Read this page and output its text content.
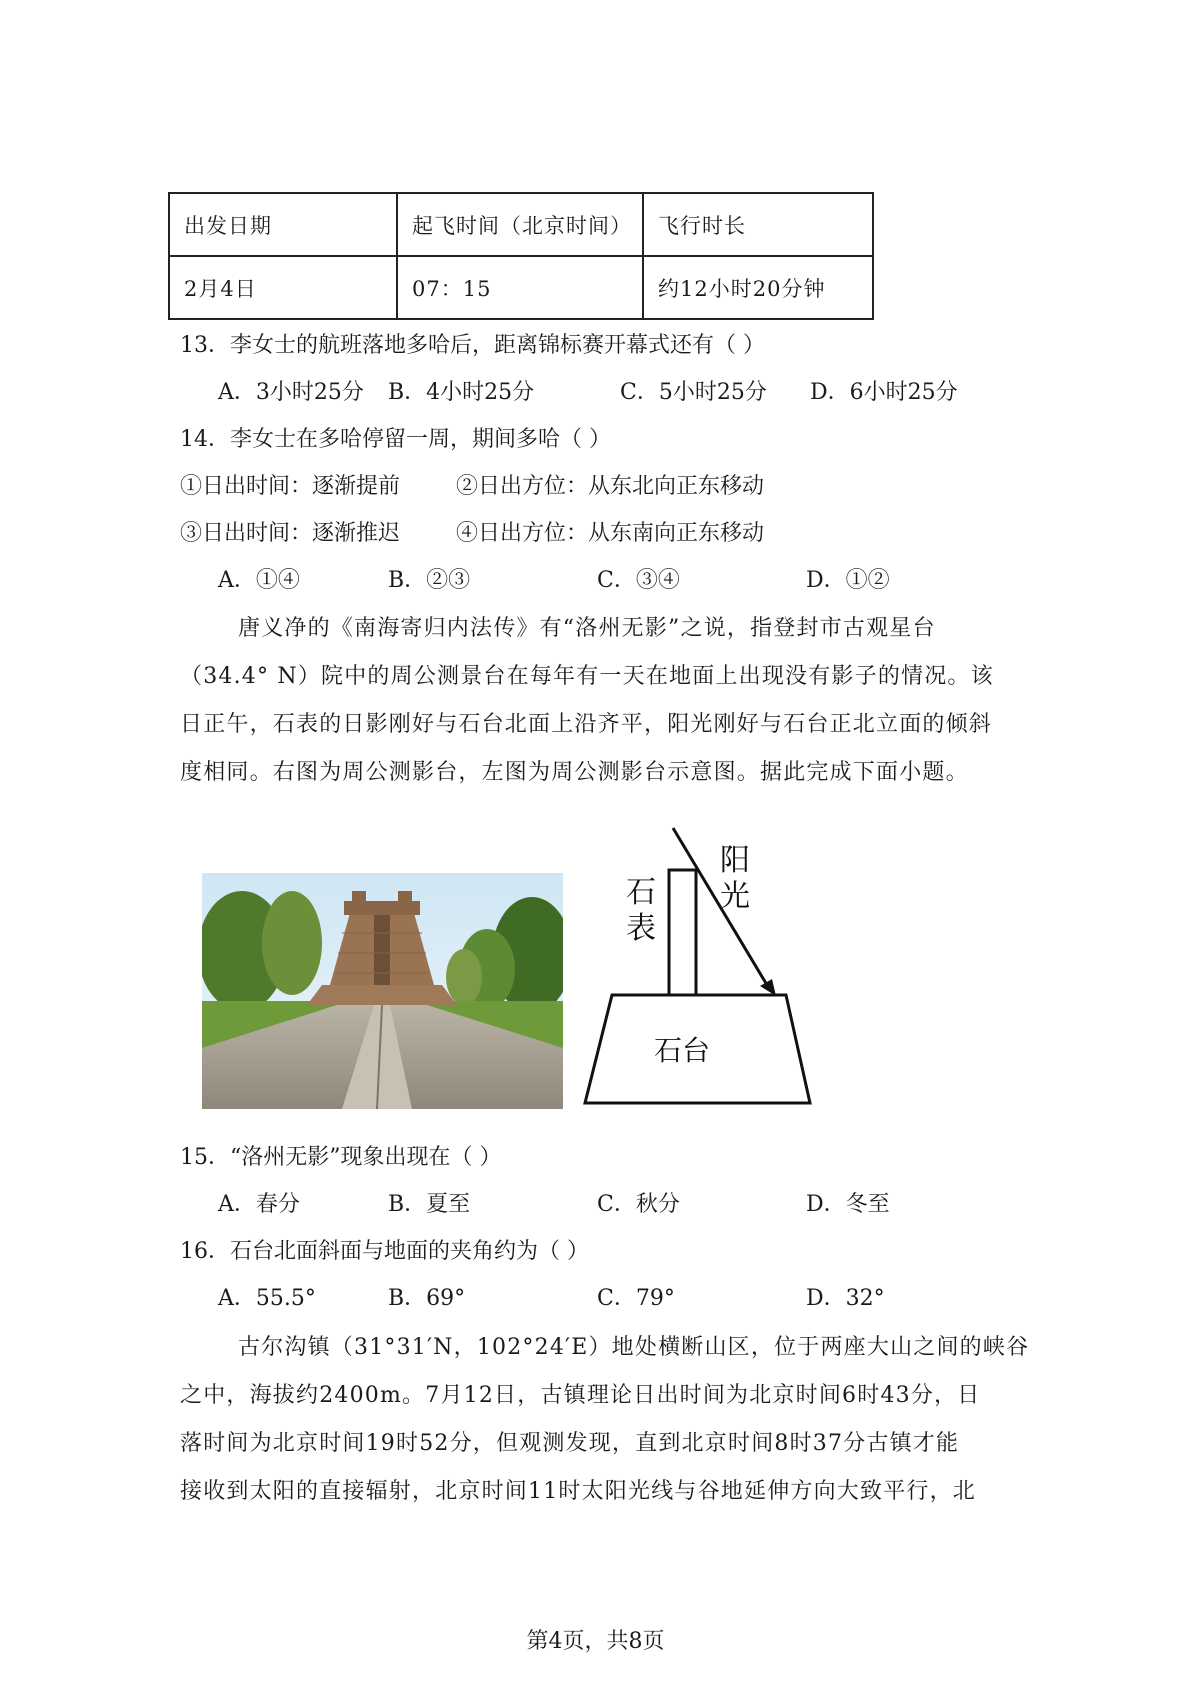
出发日期	起飞时间（北京时间）	飞行时长
2月4日	07：15	约12小时20分钟
13．李女士的航班落地多哈后，距离锦标赛开幕式还有（ ）
A．3小时25分 B．4小时25分	C．5小时25分 D．6小时25分
14．李女士在多哈停留一周，期间多哈（ ）
①日出时间：逐渐提前	②日出方位：从东北向正东移动
③日出时间：逐渐推迟	④日出方位：从东南向正东移动
A．①④	B．②③	C．③④	D．①②
唐义净的《南海寄归内法传》有“洛州无影”之说，指登封市古观星台
（34.4° N）院中的周公测景台在每年有一天在地面上出现没有影子的情况。该
日正午，石表的日影刚好与石台北面上沿齐平，阳光刚好与石台正北立面的倾斜
度相同。右图为周公测影台，左图为周公测影台示意图。据此完成下面小题。
石
表
阳
光
石台
15．“洛州无影”现象出现在（ ）
A．春分	B．夏至	C．秋分	D．冬至
16．石台北面斜面与地面的夹角约为（ ）
A．55.5°	B．69°	C．79°	D．32°
古尔沟镇（31°31′N，102°24′E）地处横断山区，位于两座大山之间的峡谷
之中，海拔约2400m。7月12日，古镇理论日出时间为北京时间6时43分，日
落时间为北京时间19时52分，但观测发现，直到北京时间8时37分古镇才能
接收到太阳的直接辐射，北京时间11时太阳光线与谷地延伸方向大致平行，北
第4页，共8页
